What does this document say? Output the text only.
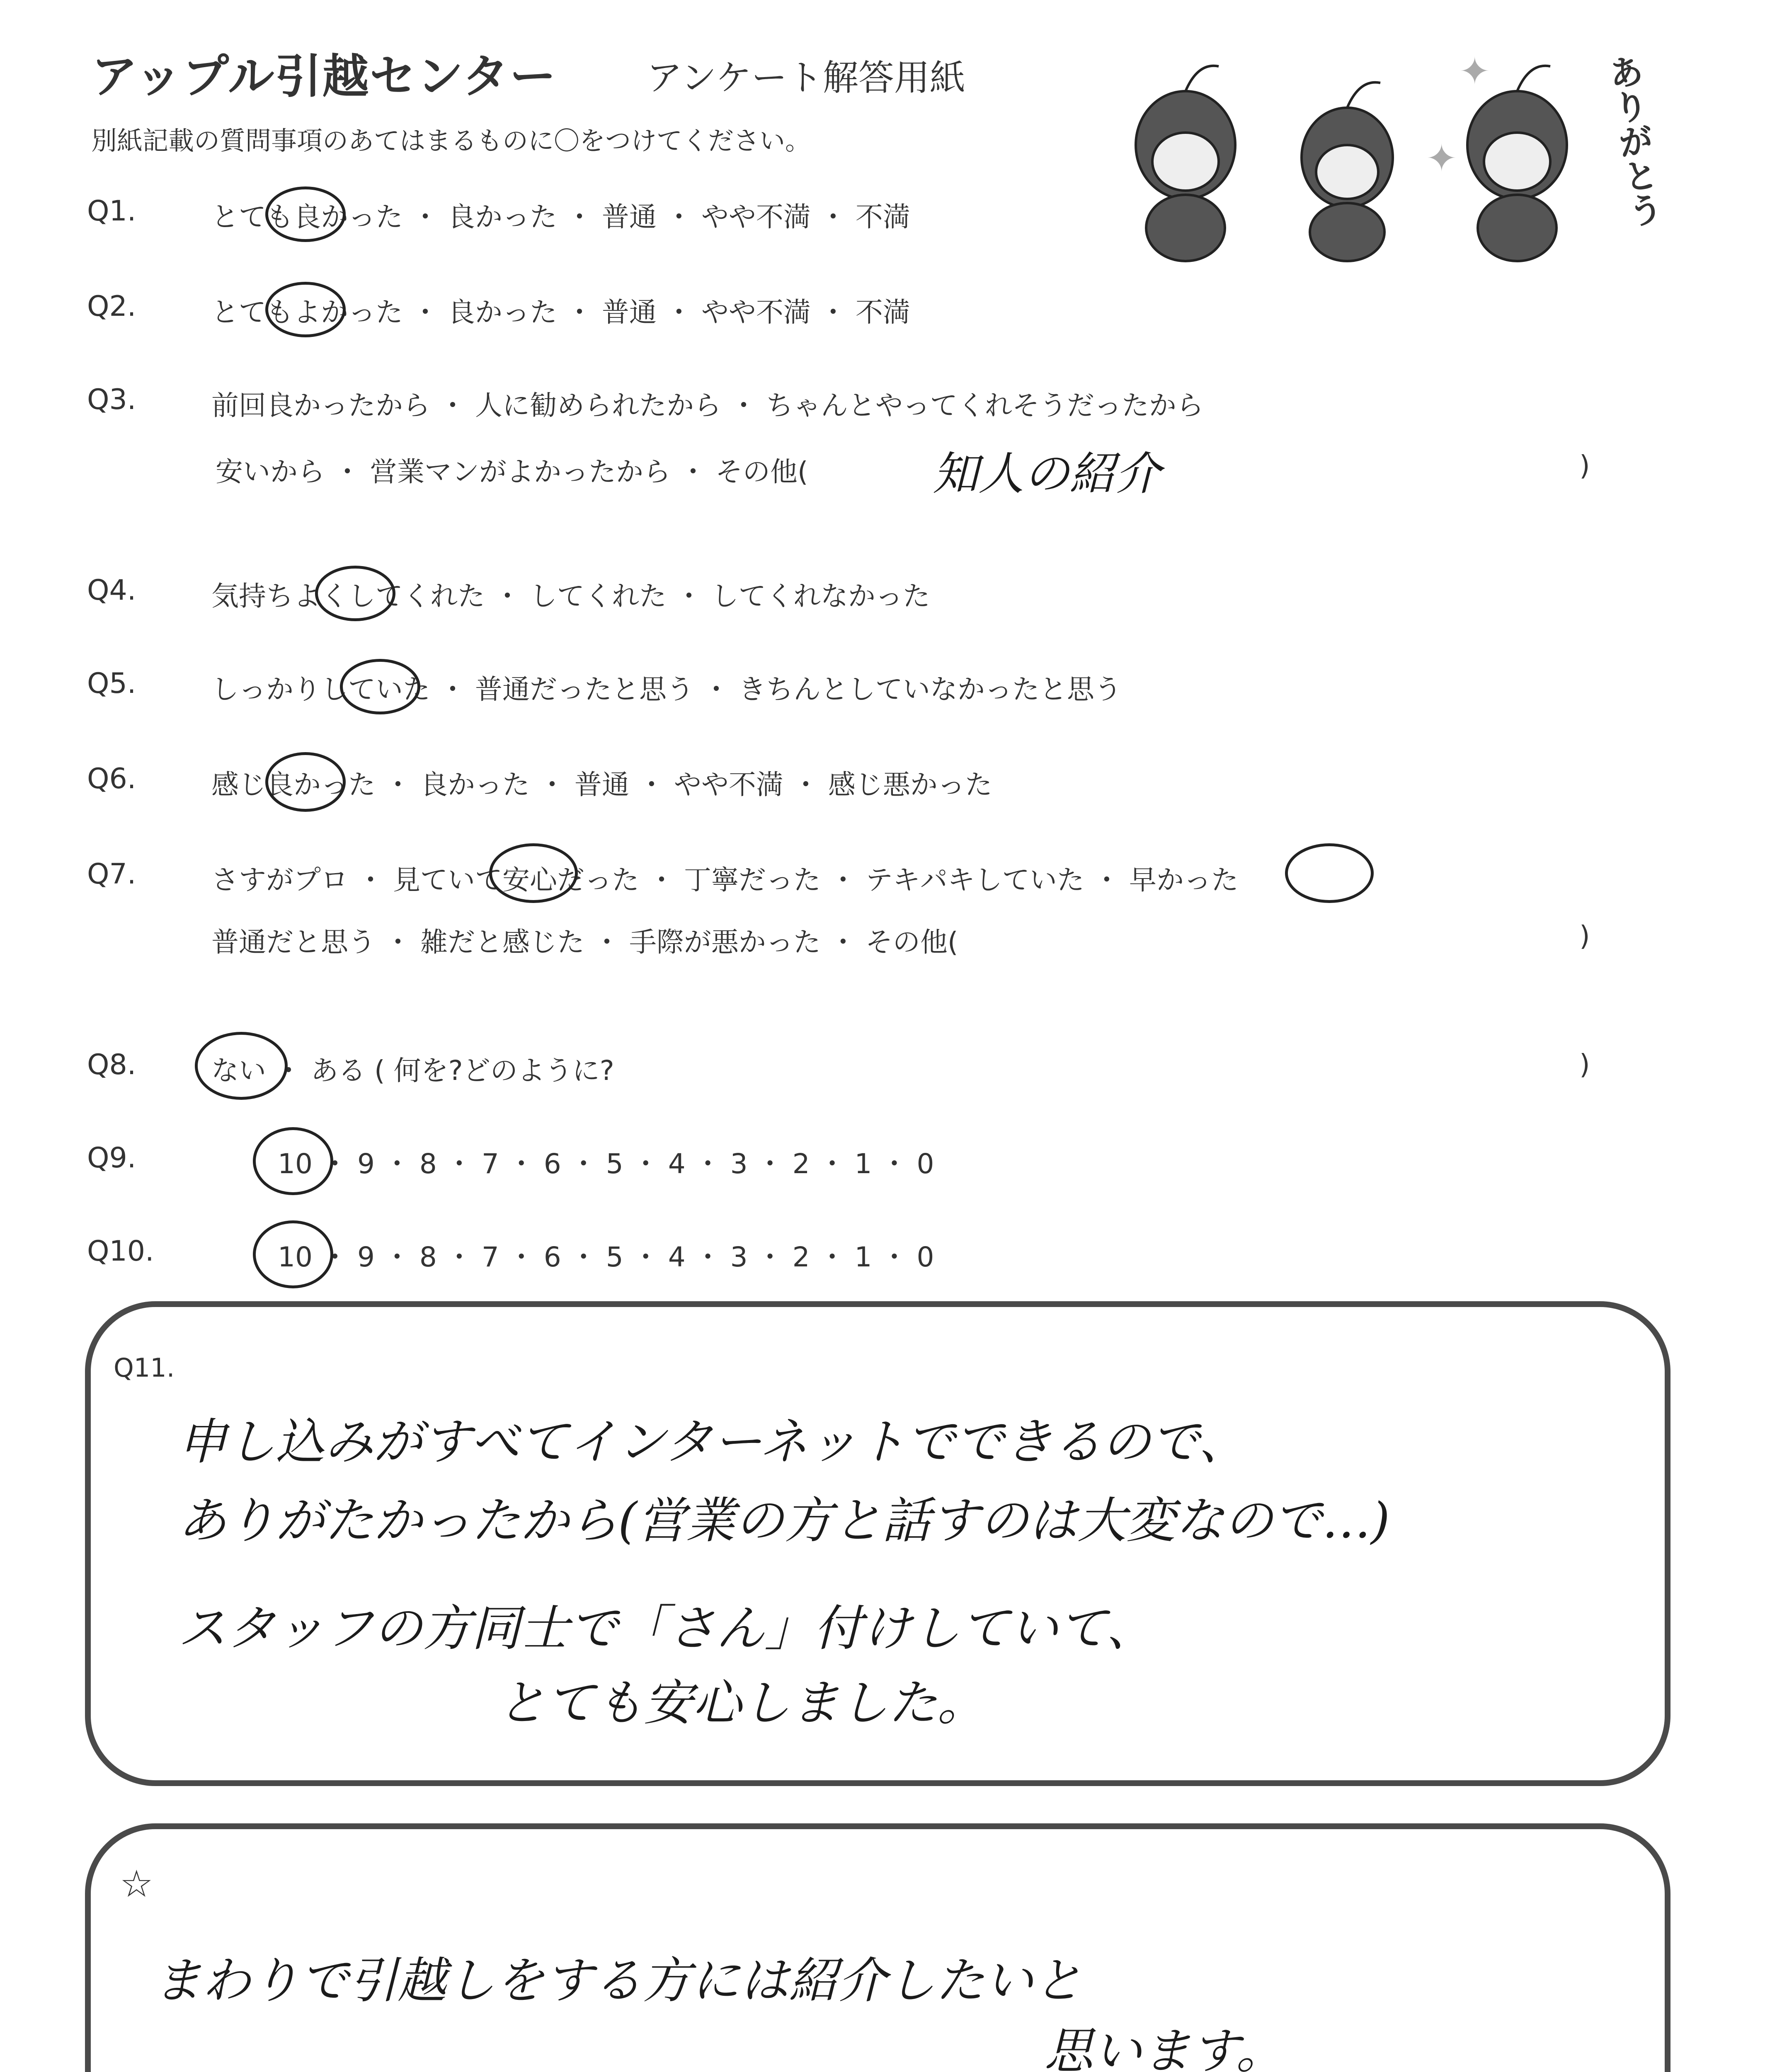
アップル引越センター	アンケート解答用紙
別紙記載の質問事項のあてはまるものに〇をつけてください。
✦
✦	ありがとう
Q1.	とても良かった ・ 良かった ・ 普通 ・ やや不満 ・ 不満
Q2.	とてもよかった ・ 良かった ・ 普通 ・ やや不満 ・ 不満
Q3.	前回良かったから ・ 人に勧められたから ・ ちゃんとやってくれそうだったから
安いから ・ 営業マンがよかったから ・ その他(	知人の紹介	)
Q4.	気持ちよくしてくれた ・ してくれた ・ してくれなかった
Q5.	しっかりしていた ・ 普通だったと思う ・ きちんとしていなかったと思う
Q6.	感じ良かった ・ 良かった ・ 普通 ・ やや不満 ・ 感じ悪かった
Q7.	さすがプロ ・ 見ていて安心だった ・ 丁寧だった ・ テキパキしていた ・ 早かった
普通だと思う ・ 雑だと感じた ・ 手際が悪かった ・ その他(	)
Q8.	ない ・ ある ( 何を?どのように?	)
Q9.	10 ・ 9 ・ 8 ・ 7 ・ 6 ・ 5 ・ 4 ・ 3 ・ 2 ・ 1 ・ 0
Q10.	10 ・ 9 ・ 8 ・ 7 ・ 6 ・ 5 ・ 4 ・ 3 ・ 2 ・ 1 ・ 0
Q11.
申し込みがすべてインターネットでできるので、
ありがたかったから(営業の方と話すのは大変なので…)
スタッフの方同士で「さん」付けしていて、
とても安心しました。
☆
まわりで引越しをする方には紹介したいと
思います。
